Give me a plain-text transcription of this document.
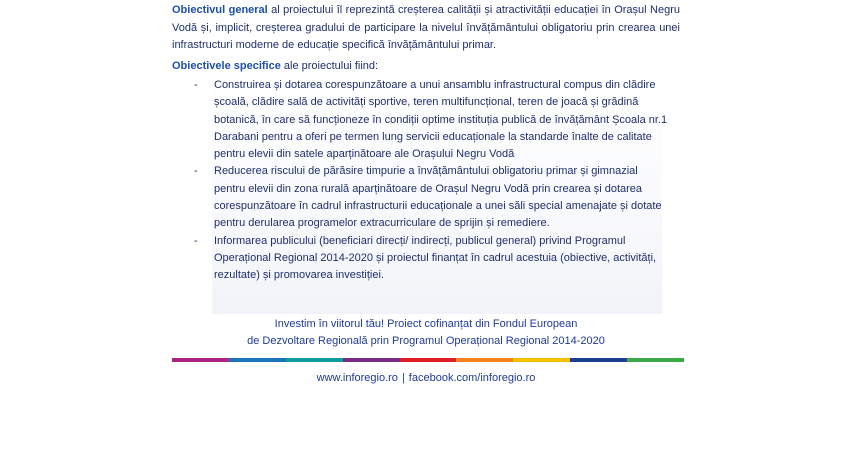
Obiectivul general al proiectului îl reprezintă creșterea calității și atractivității educației în Orașul Negru Vodă și, implicit, creșterea gradului de participare la nivelul învățământului obligatoriu prin crearea unei infrastructuri moderne de educație specifică învățământului primar.

Obiectivele specifice ale proiectului fiind:
-	Construirea și dotarea corespunzătoare a unui ansamblu infrastructural compus din clădire școală, clădire sală de activități sportive, teren multifuncțional, teren de joacă și grădină botanică, în care să funcționeze în condiții optime instituția publică de învățământ Școala nr.1 Darabani pentru a oferi pe termen lung servicii educaționale la standarde înalte de calitate pentru elevii din satele aparținătoare ale Orașului Negru Vodă
-	Reducerea riscului de părăsire timpurie a învățământului obligatoriu primar și gimnazial pentru elevii din zona rurală aparținătoare de Orașul Negru Vodă prin crearea și dotarea corespunzătoare în cadrul infrastructurii educaționale a unei săli special amenajate și dotate pentru derularea programelor extracurriculare de sprijin și remediere.
-	Informarea publicului (beneficiari direcți/ indirecți, publicul general) privind Programul Operațional Regional 2014-2020 și proiectul finanțat în cadrul acestuia (obiective, activități, rezultate) și promovarea investiției.
Investim în viitorul tău! Proiect cofinanțat din Fondul European
de Dezvoltare Regională prin Programul Operațional Regional 2014-2020
www.inforegio.ro | facebook.com/inforegio.ro
